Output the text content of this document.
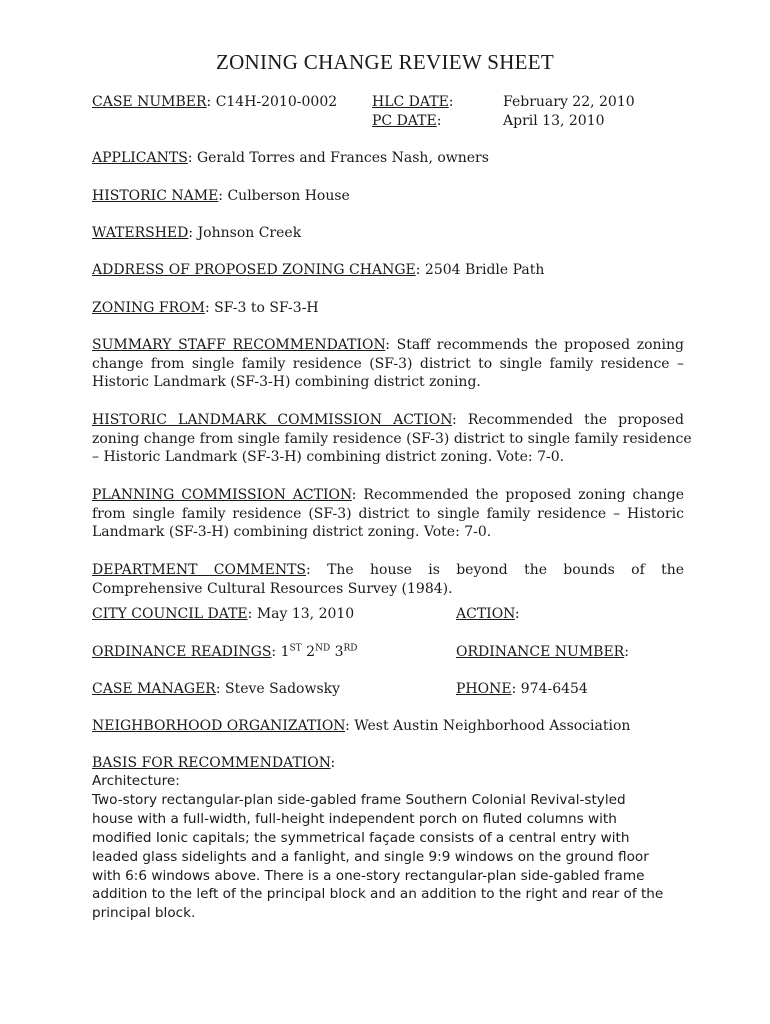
ZONING CHANGE REVIEW SHEET
CASE NUMBER: C14H-2010-0002 HLC DATE:	February 22, 2010
PC DATE:	April 13, 2010
APPLICANTS: Gerald Torres and Frances Nash, owners
HISTORIC NAME: Culberson House
WATERSHED: Johnson Creek
ADDRESS OF PROPOSED ZONING CHANGE: 2504 Bridle Path
ZONING FROM: SF-3 to SF-3-H
SUMMARY STAFF RECOMMENDATION: Staff recommends the proposed zoning
change from single family residence (SF-3) district to single family residence –
Historic Landmark (SF-3-H) combining district zoning.
HISTORIC LANDMARK COMMISSION ACTION: Recommended the proposed
zoning change from single family residence (SF-3) district to single family residence
– Historic Landmark (SF-3-H) combining district zoning. Vote: 7-0.
PLANNING COMMISSION ACTION: Recommended the proposed zoning change
from single family residence (SF-3) district to single family residence – Historic
Landmark (SF-3-H) combining district zoning. Vote: 7-0.
DEPARTMENT COMMENTS: The house is beyond the bounds of the
Comprehensive Cultural Resources Survey (1984).
CITY COUNCIL DATE: May 13, 2010	ACTION:
ORDINANCE READINGS: 1ST 2ND 3RD	ORDINANCE NUMBER:
CASE MANAGER: Steve Sadowsky	PHONE: 974-6454
NEIGHBORHOOD ORGANIZATION: West Austin Neighborhood Association
BASIS FOR RECOMMENDATION:
Architecture:
Two-story rectangular-plan side-gabled frame Southern Colonial Revival-styled
house with a full-width, full-height independent porch on fluted columns with
modified Ionic capitals; the symmetrical façade consists of a central entry with
leaded glass sidelights and a fanlight, and single 9:9 windows on the ground floor
with 6:6 windows above. There is a one-story rectangular-plan side-gabled frame
addition to the left of the principal block and an addition to the right and rear of the
principal block.
